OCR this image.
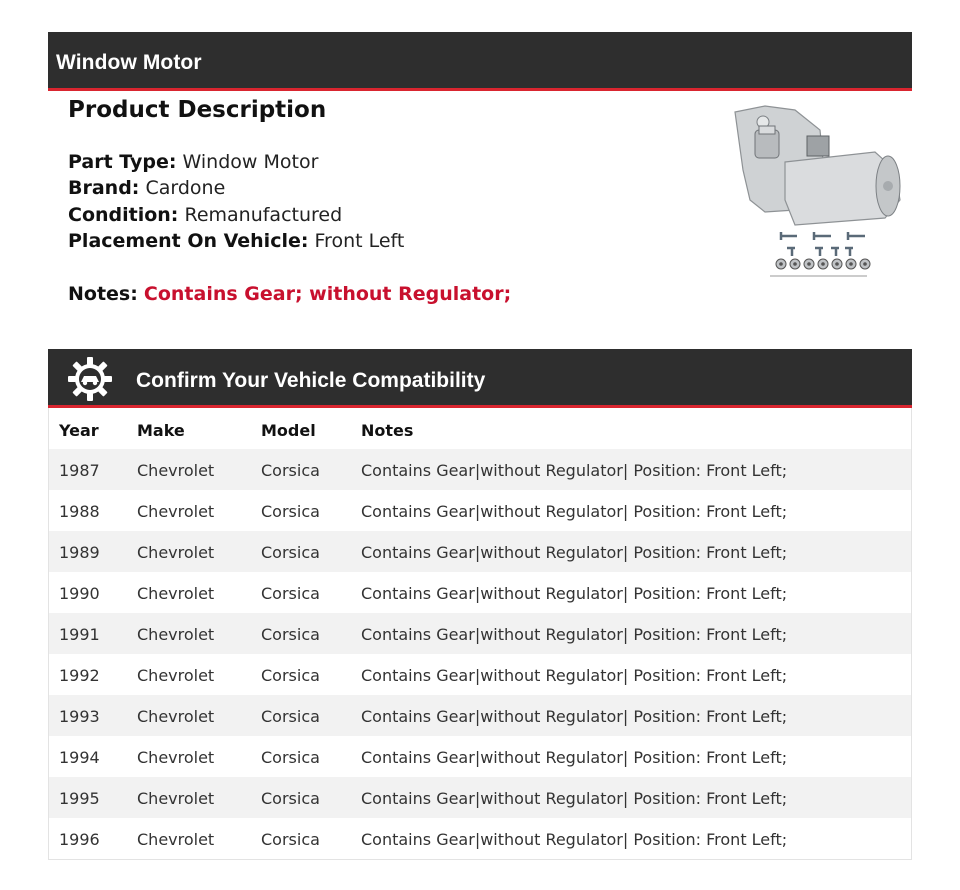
Window Motor
Product Description
Part Type: Window Motor
Brand: Cardone
Condition: Remanufactured
Placement On Vehicle: Front Left
Notes: Contains Gear; without Regulator;
Confirm Your Vehicle Compatibility
Year Make	Model	Notes
1987 Chevrolet	Corsica	Contains Gear|without Regulator| Position: Front Left;
1988 Chevrolet	Corsica	Contains Gear|without Regulator| Position: Front Left;
1989 Chevrolet	Corsica	Contains Gear|without Regulator| Position: Front Left;
1990 Chevrolet	Corsica	Contains Gear|without Regulator| Position: Front Left;
1991 Chevrolet	Corsica	Contains Gear|without Regulator| Position: Front Left;
1992 Chevrolet	Corsica	Contains Gear|without Regulator| Position: Front Left;
1993 Chevrolet	Corsica	Contains Gear|without Regulator| Position: Front Left;
1994 Chevrolet	Corsica	Contains Gear|without Regulator| Position: Front Left;
1995 Chevrolet	Corsica	Contains Gear|without Regulator| Position: Front Left;
1996 Chevrolet	Corsica	Contains Gear|without Regulator| Position: Front Left;
